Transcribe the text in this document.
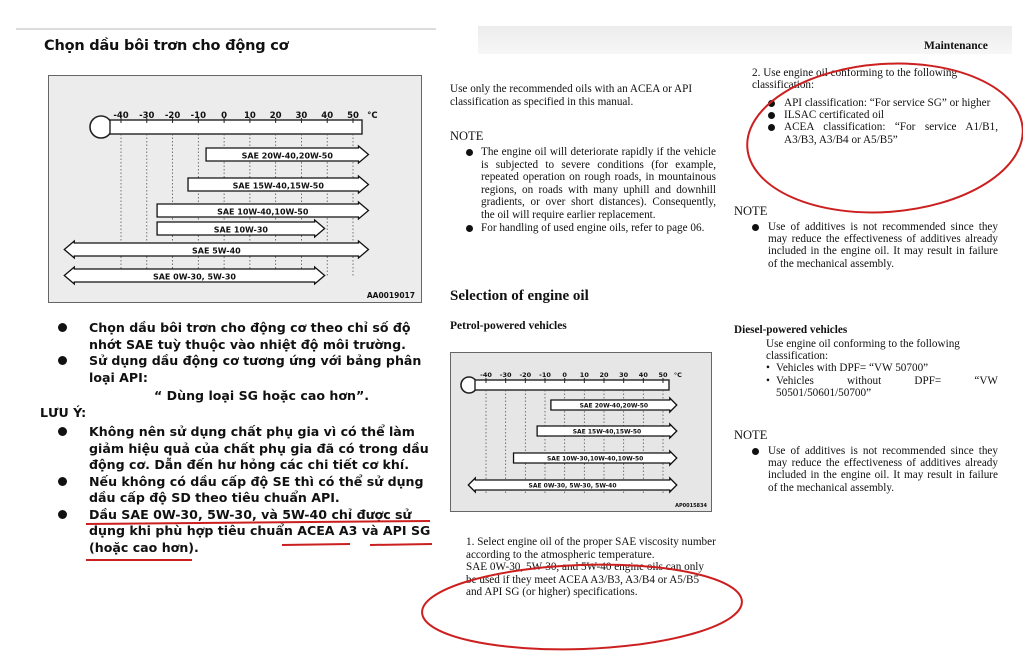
Chọn dầu bôi trơn cho động cơ
-40 -30 -20 -10 0 10 20 30 40 50 °C
SAE 20W-40,20W-50
SAE 15W-40,15W-50
SAE 10W-40,10W-50
SAE 10W-30
SAE 5W-40
SAE 0W-30, 5W-30
AA0019017

Chọn dầu bôi trơn cho động cơ theo chỉ số độ nhớt SAE tuỳ thuộc vào nhiệt độ môi trường.

Sử dụng dầu động cơ tương ứng với bảng phân loại API:

“ Dùng loại SG hoặc cao hơn”.
LƯU Ý:

Không nên sử dụng chất phụ gia vì có thể làm giảm hiệu quả của chất phụ gia đã có trong dầu động cơ. Dẫn đến hư hỏng các chi tiết cơ khí.

Nếu không có dầu cấp độ SE thì có thể sử dụng dầu cấp độ SD theo tiêu chuẩn API.

Dầu SAE 0W-30, 5W-30, và 5W-40 chỉ được sử dụng khi phù hợp tiêu chuẩn ACEA A3 và API SG (hoặc cao hơn).

Use only the recommended oils with an ACEA or API classification as specified in this manual.
NOTE

The engine oil will deteriorate rapidly if the vehicle is subjected to severe conditions (for example, repeated operation on rough roads, in mountainous regions, on roads with many uphill and downhill gradients, or over short distances). Consequently, the oil will require earlier replacement.

For handling of used engine oils, refer to page 06.

Selection of engine oil
Petrol-powered vehicles
-40 -30 -20 -10 0 10 20 30 40 50 °C
SAE 20W-40,20W-50
SAE 15W-40,15W-50
SAE 10W-30,10W-40,10W-50
SAE 0W-30, 5W-30, 5W-40
AP0015834
1. Select engine oil of the proper SAE viscosity number according to the atmospheric temperature.
SAE 0W-30, 5W-30, and 5W-40 engine oils can only be used if they meet ACEA A3/B3, A3/B4 or A5/B5 and API SG (or higher) specifications.
Maintenance
2. Use engine oil conforming to the following classification:

API classification: “For service SG” or higher

ILSAC certificated oil

ACEA classification: “For service A1/B1, A3/B3, A3/B4 or A5/B5”

NOTE

Use of additives is not recommended since they may reduce the effectiveness of additives already included in the engine oil. It may result in failure of the mechanical assembly.

Diesel-powered vehicles
Use engine oil conforming to the following classification:

• Vehicles with DPF= “VW 50700”

• Vehicles without DPF= “VW 50501/50601/50700”

NOTE

Use of additives is not recommended since they may reduce the effectiveness of additives already included in the engine oil. It may result in failure of the mechanical assembly.
